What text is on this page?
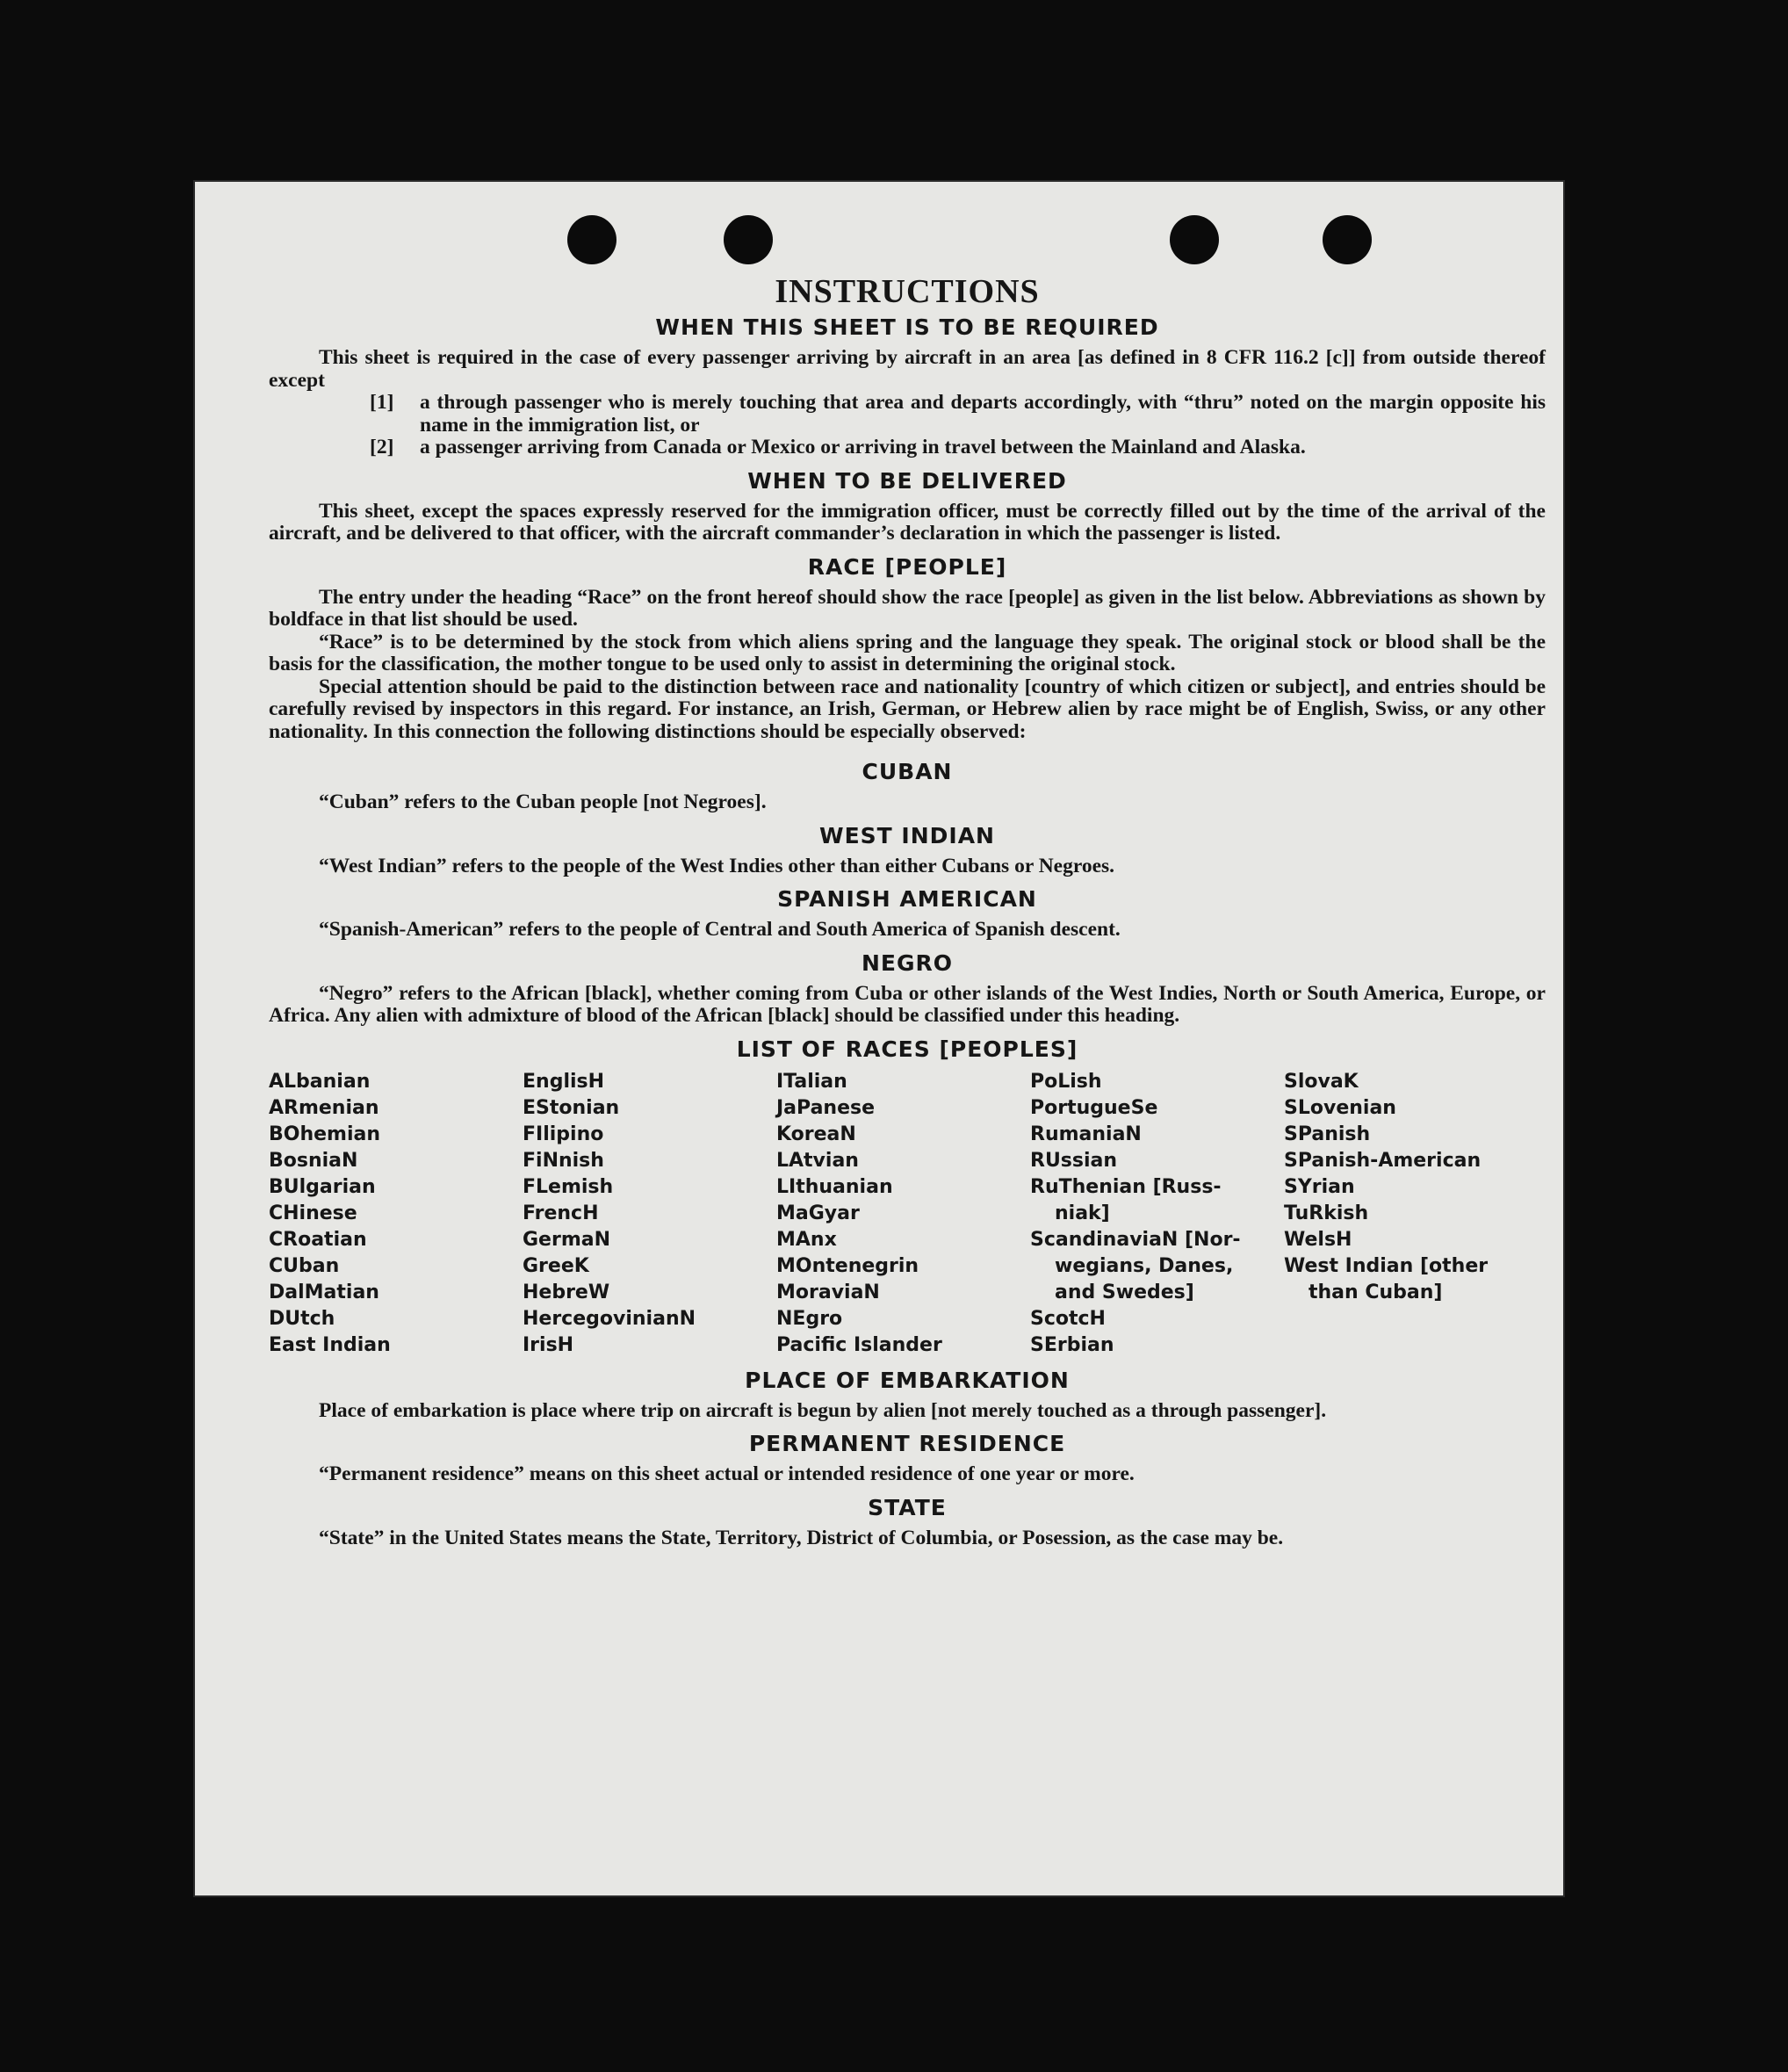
INSTRUCTIONS
WHEN THIS SHEET IS TO BE REQUIRED

This sheet is required in the case of every passenger arriving by aircraft in an area [as defined in 8 CFR 116.2 [c]] from outside thereof except

[1]	a through passenger who is merely touching that area and departs accordingly, with “thru” noted on the margin opposite his name in the immigration list, or
[2]	a passenger arriving from Canada or Mexico or arriving in travel between the Mainland and Alaska.
WHEN TO BE DELIVERED

This sheet, except the spaces expressly reserved for the immigration officer, must be correctly filled out by the time of the arrival of the aircraft, and be delivered to that officer, with the aircraft commander’s declaration in which the passenger is listed.

RACE [PEOPLE]

The entry under the heading “Race” on the front hereof should show the race [people] as given in the list below. Abbreviations as shown by boldface in that list should be used.

“Race” is to be determined by the stock from which aliens spring and the language they speak. The original stock or blood shall be the basis for the classification, the mother tongue to be used only to assist in determining the original stock.

Special attention should be paid to the distinction between race and nationality [country of which citizen or subject], and entries should be carefully revised by inspectors in this regard. For instance, an Irish, German, or Hebrew alien by race might be of English, Swiss, or any other nationality. In this connection the following distinctions should be especially observed:

CUBAN

“Cuban” refers to the Cuban people [not Negroes].

WEST INDIAN

“West Indian” refers to the people of the West Indies other than either Cubans or Negroes.

SPANISH AMERICAN

“Spanish-American” refers to the people of Central and South America of Spanish descent.

NEGRO

“Negro” refers to the African [black], whether coming from Cuba or other islands of the West Indies, North or South America, Europe, or Africa. Any alien with admixture of blood of the African [black] should be classified under this heading.

LIST OF RACES [PEOPLES]
ALbanian
ARmenian
BOhemian
BosniaN
BUlgarian
CHinese
CRoatian
CUban
DalMatian
DUtch
East Indian
EnglisH
EStonian
FIlipino
FiNnish
FLemish
FrencH
GermaN
GreeK
HebreW
HercegovinianN
IrisH
ITalian
JaPanese
KoreaN
LAtvian
LIthuanian
MaGyar
MAnx
MOntenegrin
MoraviaN
NEgro
Pacific Islander
PoLish
PortugueSe
RumaniaN
RUssian
RuThenian [Russ-
niak]
ScandinaviaN [Nor-
wegians, Danes,
and Swedes]
ScotcH
SErbian
SlovaK
SLovenian
SPanish
SPanish-American
SYrian
TuRkish
WelsH
West Indian [other
than Cuban]
PLACE OF EMBARKATION

Place of embarkation is place where trip on aircraft is begun by alien [not merely touched as a through passenger].

PERMANENT RESIDENCE

“Permanent residence” means on this sheet actual or intended residence of one year or more.

STATE

“State” in the United States means the State, Territory, District of Columbia, or Posession, as the case may be.
